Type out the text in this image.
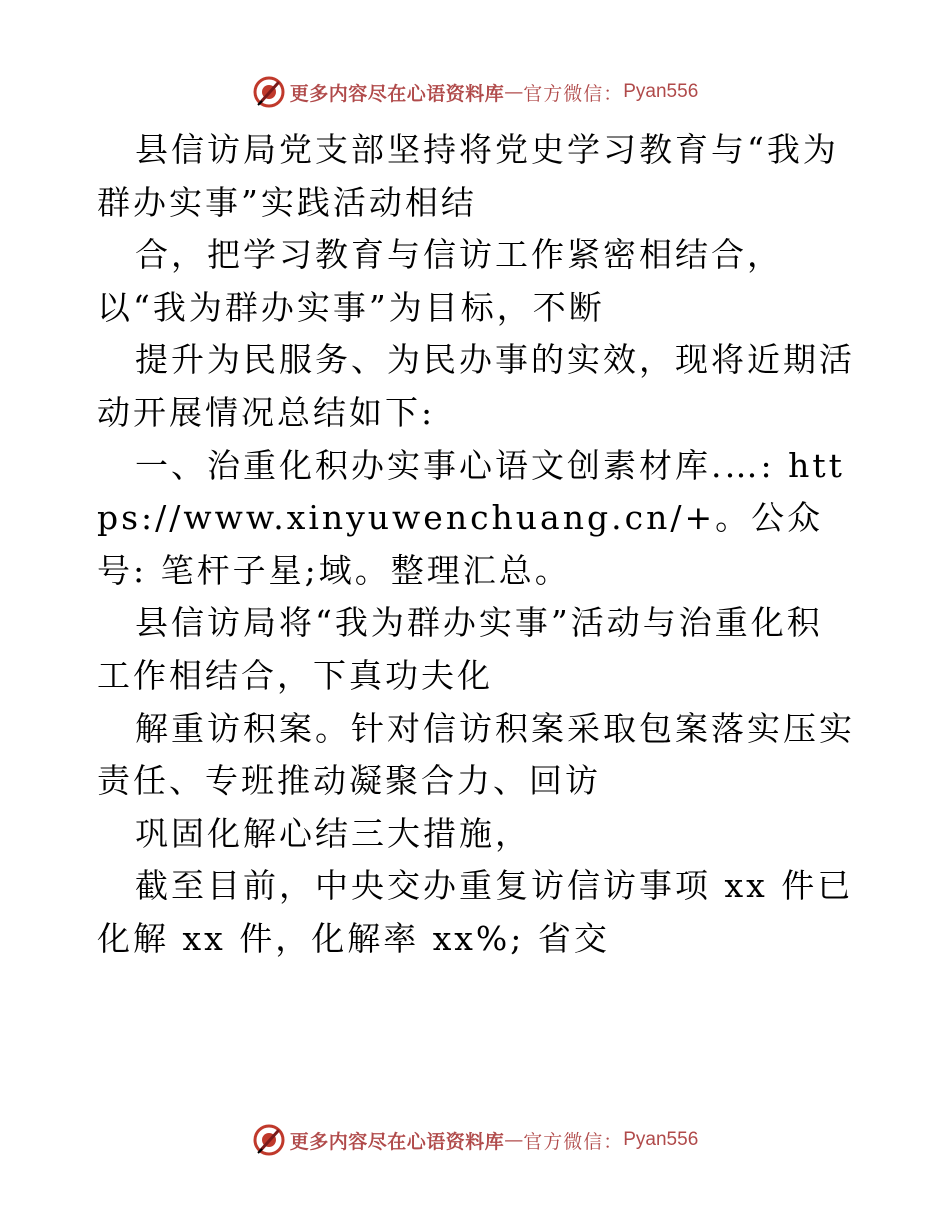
更多内容尽在心语资料库 — 官方微信： Pyan556

县信访局党支部坚持将党史学习教育与“我为群办实事”实践活动相结

合，把学习教育与信访工作紧密相结合，以“我为群办实事”为目标，不断

提升为民服务、为民办事的实效，现将近期活动开展情况总结如下:

一、治重化积办实事心语文创素材库.…: https://www.xinyuwenchuang.cn/+。公众号: 笔杆子星;域。整理汇总。

县信访局将“我为群办实事”活动与治重化积工作相结合，下真功夫化

解重访积案。针对信访积案采取包案落实压实责任、专班推动凝聚合力、回访

巩固化解心结三大措施，

截至目前，中央交办重复访信访事项 xx 件已化解 xx 件，化解率 xx%; 省交

更多内容尽在心语资料库 — 官方微信： Pyan556
